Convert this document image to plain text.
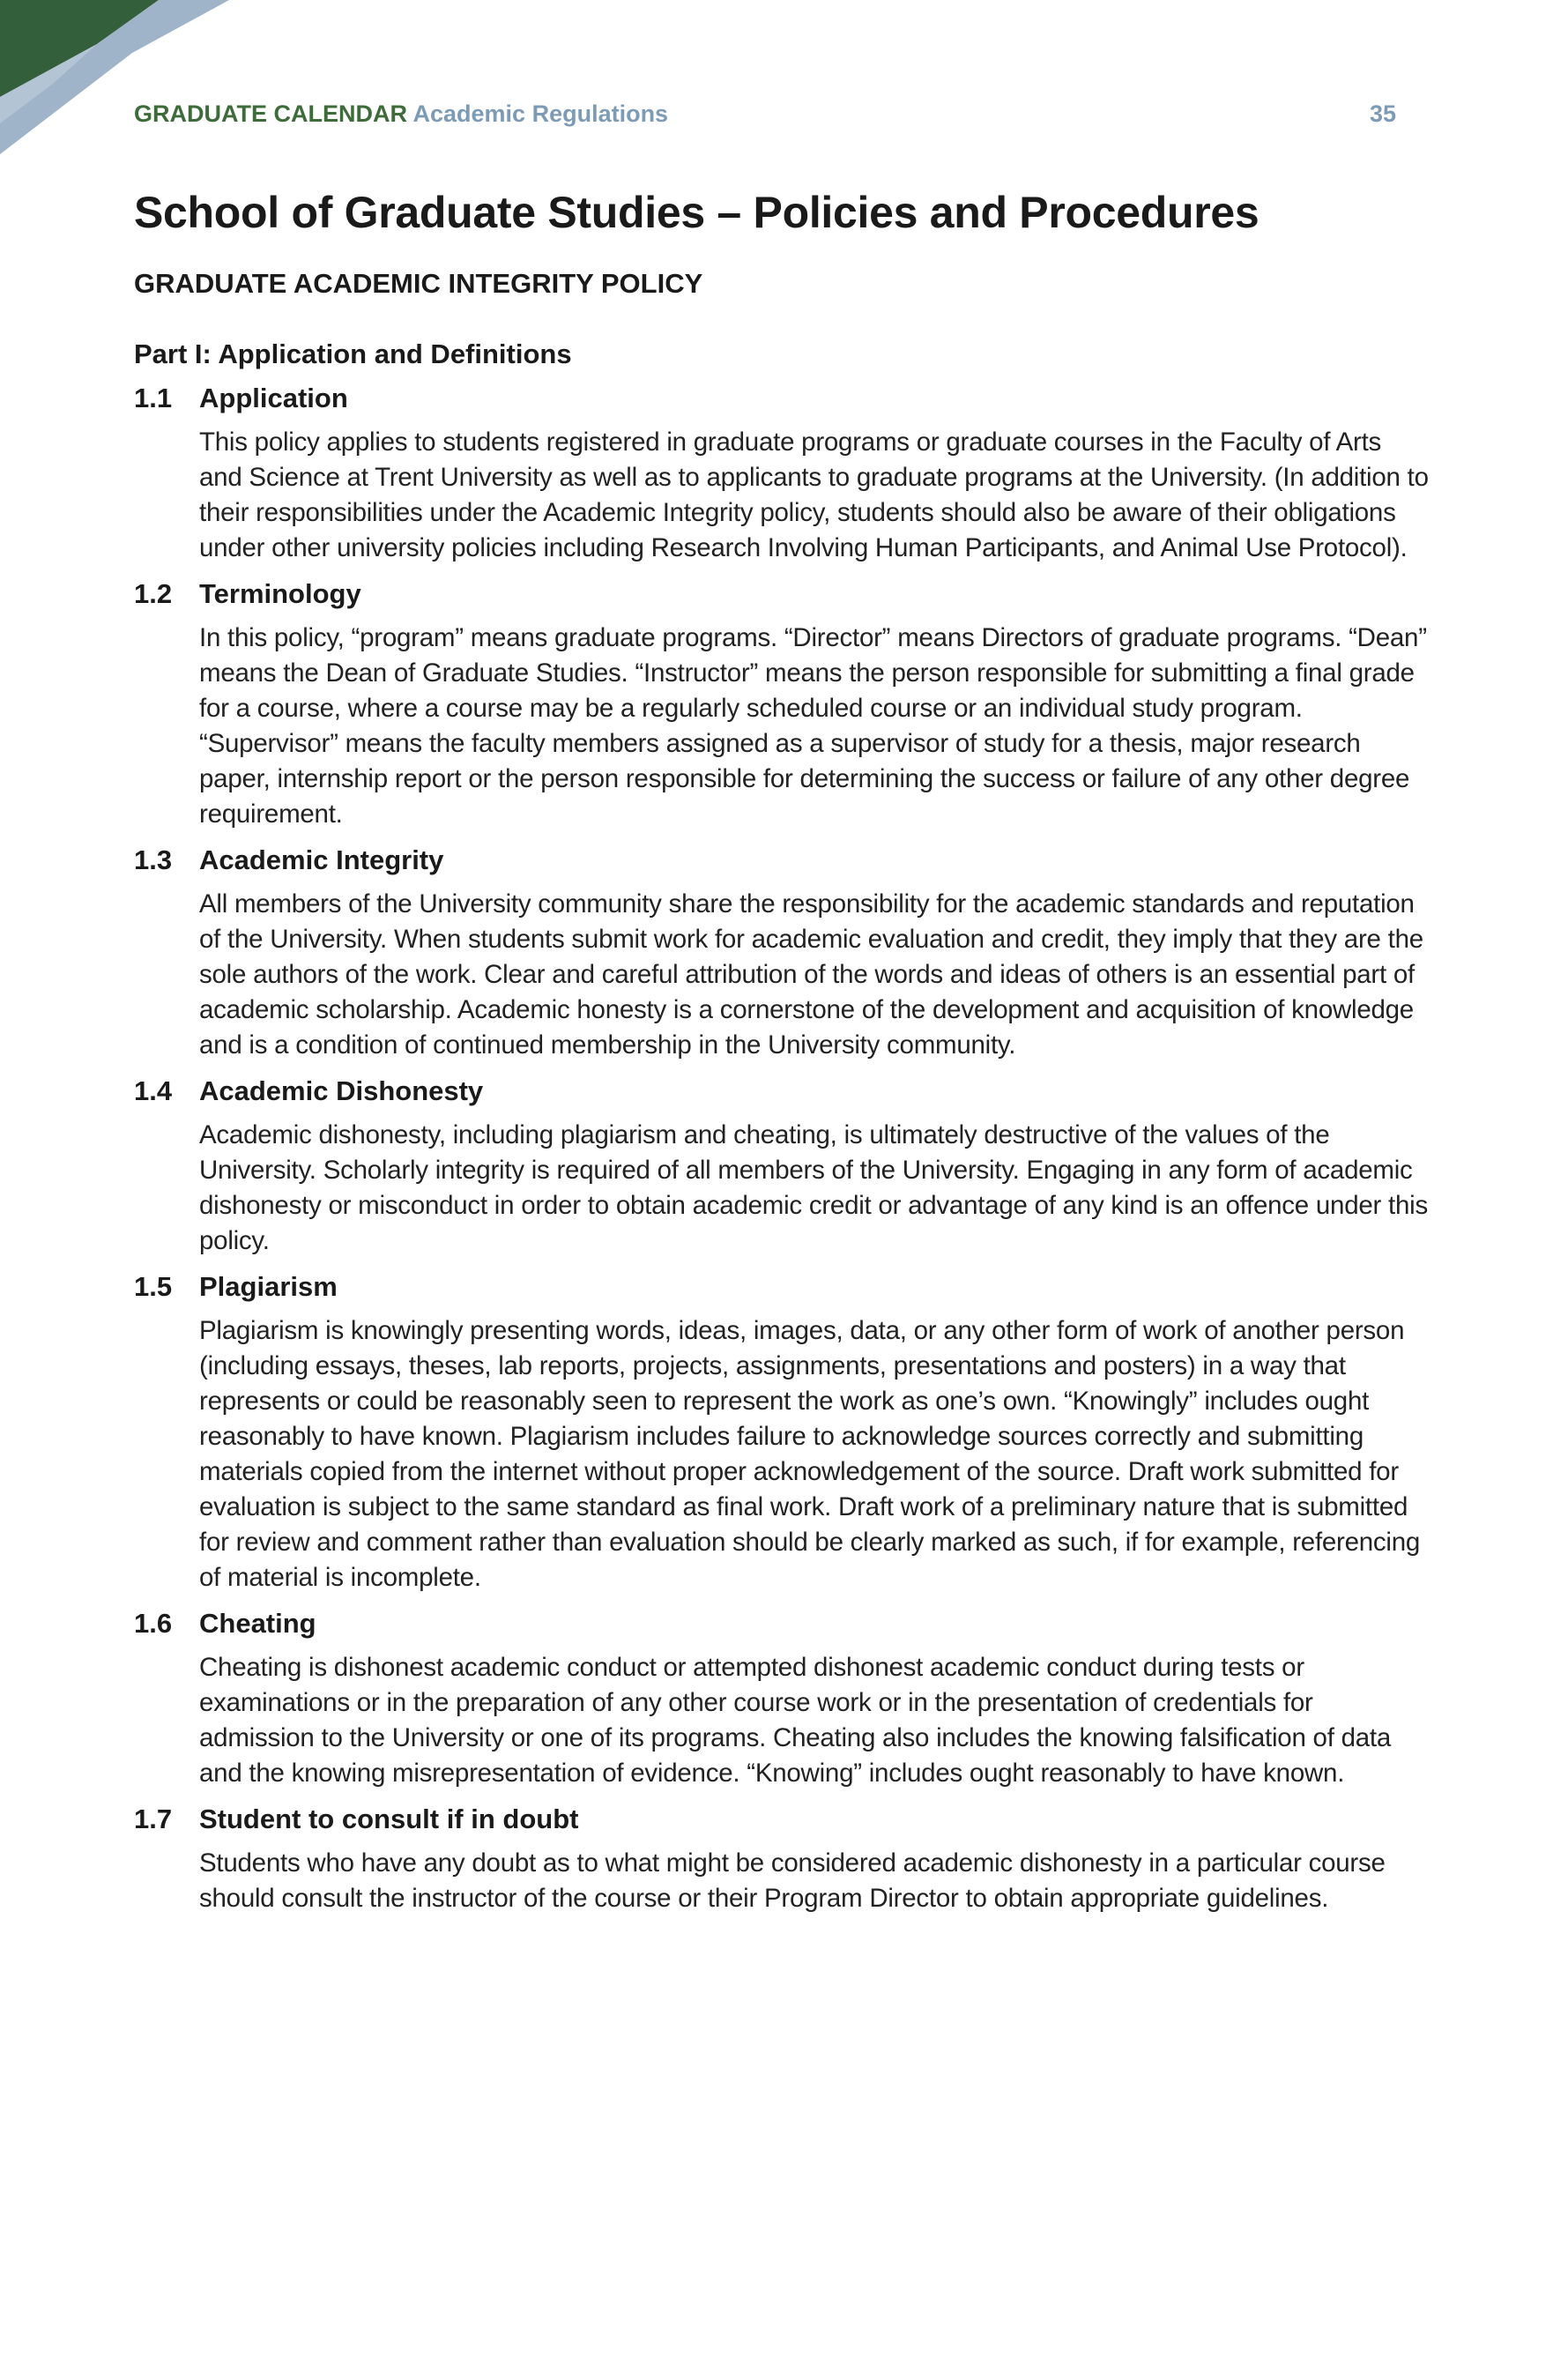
GRADUATE CALENDAR Academic Regulations	35
School of Graduate Studies – Policies and Procedures
GRADUATE ACADEMIC INTEGRITY POLICY
Part I: Application and Definitions
1.1 Application
This policy applies to students registered in graduate programs or graduate courses in the Faculty of Arts and Science at Trent University as well as to applicants to graduate programs at the University. (In addition to their responsibilities under the Academic Integrity policy, students should also be aware of their obligations under other university policies including Research Involving Human Participants, and Animal Use Protocol).
1.2 Terminology
In this policy, “program” means graduate programs. “Director” means Directors of graduate programs. “Dean” means the Dean of Graduate Studies. “Instructor” means the person responsible for submitting a final grade for a course, where a course may be a regularly scheduled course or an individual study program. “Supervisor” means the faculty members assigned as a supervisor of study for a thesis, major research paper, internship report or the person responsible for determining the success or failure of any other degree requirement.
1.3 Academic Integrity
All members of the University community share the responsibility for the academic standards and reputation of the University. When students submit work for academic evaluation and credit, they imply that they are the sole authors of the work. Clear and careful attribution of the words and ideas of others is an essential part of academic scholarship. Academic honesty is a cornerstone of the development and acquisition of knowledge and is a condition of continued membership in the University community.
1.4 Academic Dishonesty
Academic dishonesty, including plagiarism and cheating, is ultimately destructive of the values of the University. Scholarly integrity is required of all members of the University. Engaging in any form of academic dishonesty or misconduct in order to obtain academic credit or advantage of any kind is an offence under this policy.
1.5 Plagiarism
Plagiarism is knowingly presenting words, ideas, images, data, or any other form of work of another person (including essays, theses, lab reports, projects, assignments, presentations and posters) in a way that represents or could be reasonably seen to represent the work as one’s own. “Knowingly” includes ought reasonably to have known. Plagiarism includes failure to acknowledge sources correctly and submitting materials copied from the internet without proper acknowledgement of the source. Draft work submitted for evaluation is subject to the same standard as final work. Draft work of a preliminary nature that is submitted for review and comment rather than evaluation should be clearly marked as such, if for example, referencing of material is incomplete.
1.6 Cheating
Cheating is dishonest academic conduct or attempted dishonest academic conduct during tests or examinations or in the preparation of any other course work or in the presentation of credentials for admission to the University or one of its programs. Cheating also includes the knowing falsification of data and the knowing misrepresentation of evidence. “Knowing” includes ought reasonably to have known.
1.7 Student to consult if in doubt
Students who have any doubt as to what might be considered academic dishonesty in a particular course should consult the instructor of the course or their Program Director to obtain appropriate guidelines.
